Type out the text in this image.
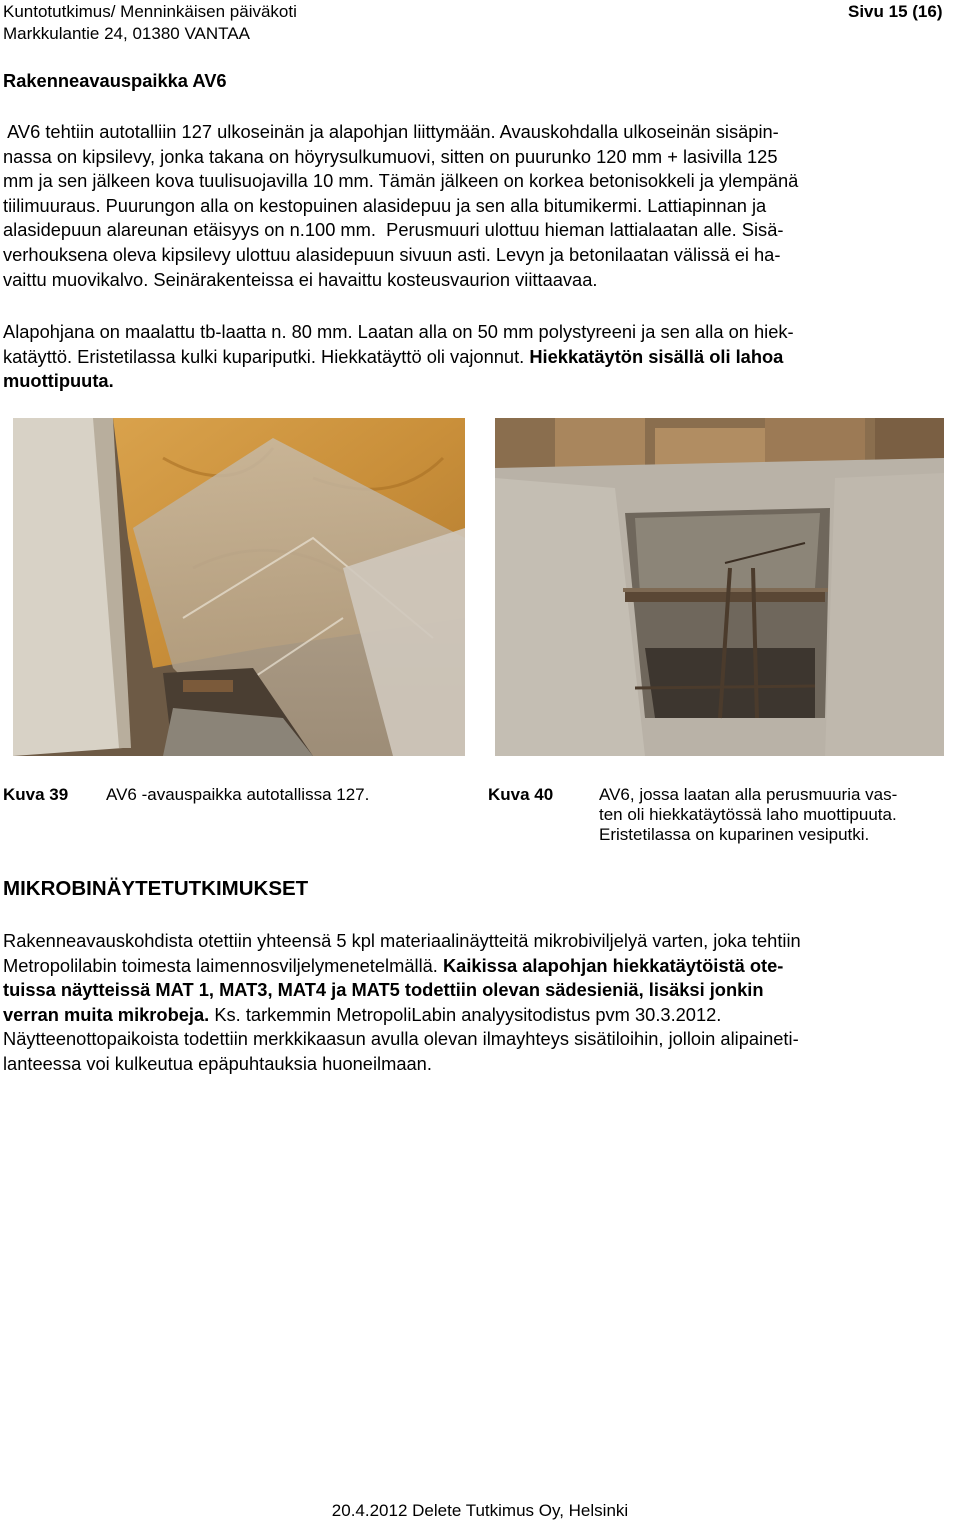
Kuntotutkimus/ Menninkäisen päiväkoti
Markkulantie 24, 01380 VANTAA
Sivu 15 (16)
Rakenneavauspaikka AV6
AV6 tehtiin autotalliin 127 ulkoseinän ja alapohjan liittymään. Avauskohdalla ulkoseinän sisäpin-
nassa on kipsilevy, jonka takana on höyrysulkumuovi, sitten on puurunko 120 mm + lasivilla 125
mm ja sen jälkeen kova tuulisuojavilla 10 mm. Tämän jälkeen on korkea betonisokkeli ja ylempänä
tiilimuuraus. Puurungon alla on kestopuinen alasidepuu ja sen alla bitumikermi. Lattiapinnan ja
alasidepuun alareunan etäisyys on n.100 mm.  Perusmuuri ulottuu hieman lattialaatan alle. Sisä-
verhouksena oleva kipsilevy ulottuu alasidepuun sivuun asti. Levyn ja betonilaatan välissä ei ha-
vaittu muovikalvo. Seinärakenteissa ei havaittu kosteusvaurion viittaavaa.
Alapohjana on maalattu tb-laatta n. 80 mm. Laatan alla on 50 mm polystyreeni ja sen alla on hiek-
katäyttö. Eristetilassa kulki kupariputki. Hiekkatäyttö oli vajonnut. Hiekkatäytön sisällä oli lahoa
muottipuuta.
Kuva 39 AV6 -avauspaikka autotallissa 127.	Kuva 40	AV6, jossa laatan alla perusmuuria vas-
ten oli hiekkatäytössä laho muottipuuta.
Eristetilassa on kuparinen vesiputki.
MIKROBINÄYTETUTKIMUKSET
Rakenneavauskohdista otettiin yhteensä 5 kpl materiaalinäytteitä mikrobiviljelyä varten, joka tehtiin
Metropolilabin toimesta laimennosviljelymenetelmällä. Kaikissa alapohjan hiekkatäytöistä ote-
tuissa näytteissä MAT 1, MAT3, MAT4 ja MAT5 todettiin olevan sädesieniä, lisäksi jonkin
verran muita mikrobeja. Ks. tarkemmin MetropoliLabin analyysitodistus pvm 30.3.2012.
Näytteenottopaikoista todettiin merkkikaasun avulla olevan ilmayhteys sisätiloihin, jolloin alipaineti-
lanteessa voi kulkeutua epäpuhtauksia huoneilmaan.
20.4.2012 Delete Tutkimus Oy, Helsinki
